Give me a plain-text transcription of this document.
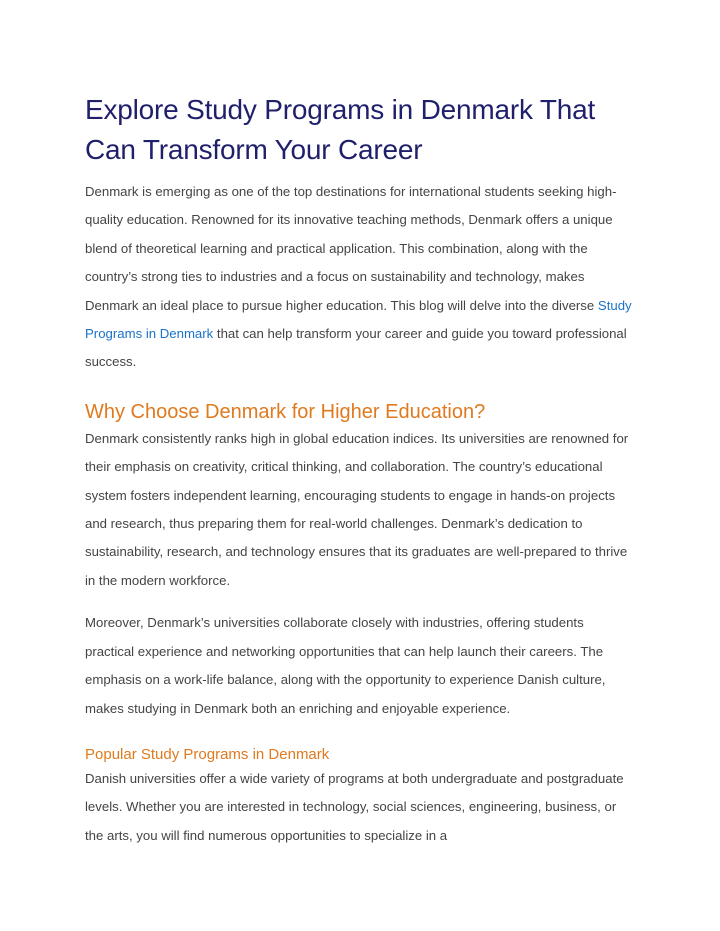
Explore Study Programs in Denmark That Can Transform Your Career

Denmark is emerging as one of the top destinations for international students seeking high-quality education. Renowned for its innovative teaching methods, Denmark offers a unique blend of theoretical learning and practical application. This combination, along with the country’s strong ties to industries and a focus on sustainability and technology, makes Denmark an ideal place to pursue higher education. This blog will delve into the diverse Study Programs in Denmark that can help transform your career and guide you toward professional success.

Why Choose Denmark for Higher Education?

Denmark consistently ranks high in global education indices. Its universities are renowned for their emphasis on creativity, critical thinking, and collaboration. The country’s educational system fosters independent learning, encouraging students to engage in hands-on projects and research, thus preparing them for real-world challenges. Denmark’s dedication to sustainability, research, and technology ensures that its graduates are well-prepared to thrive in the modern workforce.

Moreover, Denmark’s universities collaborate closely with industries, offering students practical experience and networking opportunities that can help launch their careers. The emphasis on a work-life balance, along with the opportunity to experience Danish culture, makes studying in Denmark both an enriching and enjoyable experience.

Popular Study Programs in Denmark

Danish universities offer a wide variety of programs at both undergraduate and postgraduate levels. Whether you are interested in technology, social sciences, engineering, business, or the arts, you will find numerous opportunities to specialize in a
